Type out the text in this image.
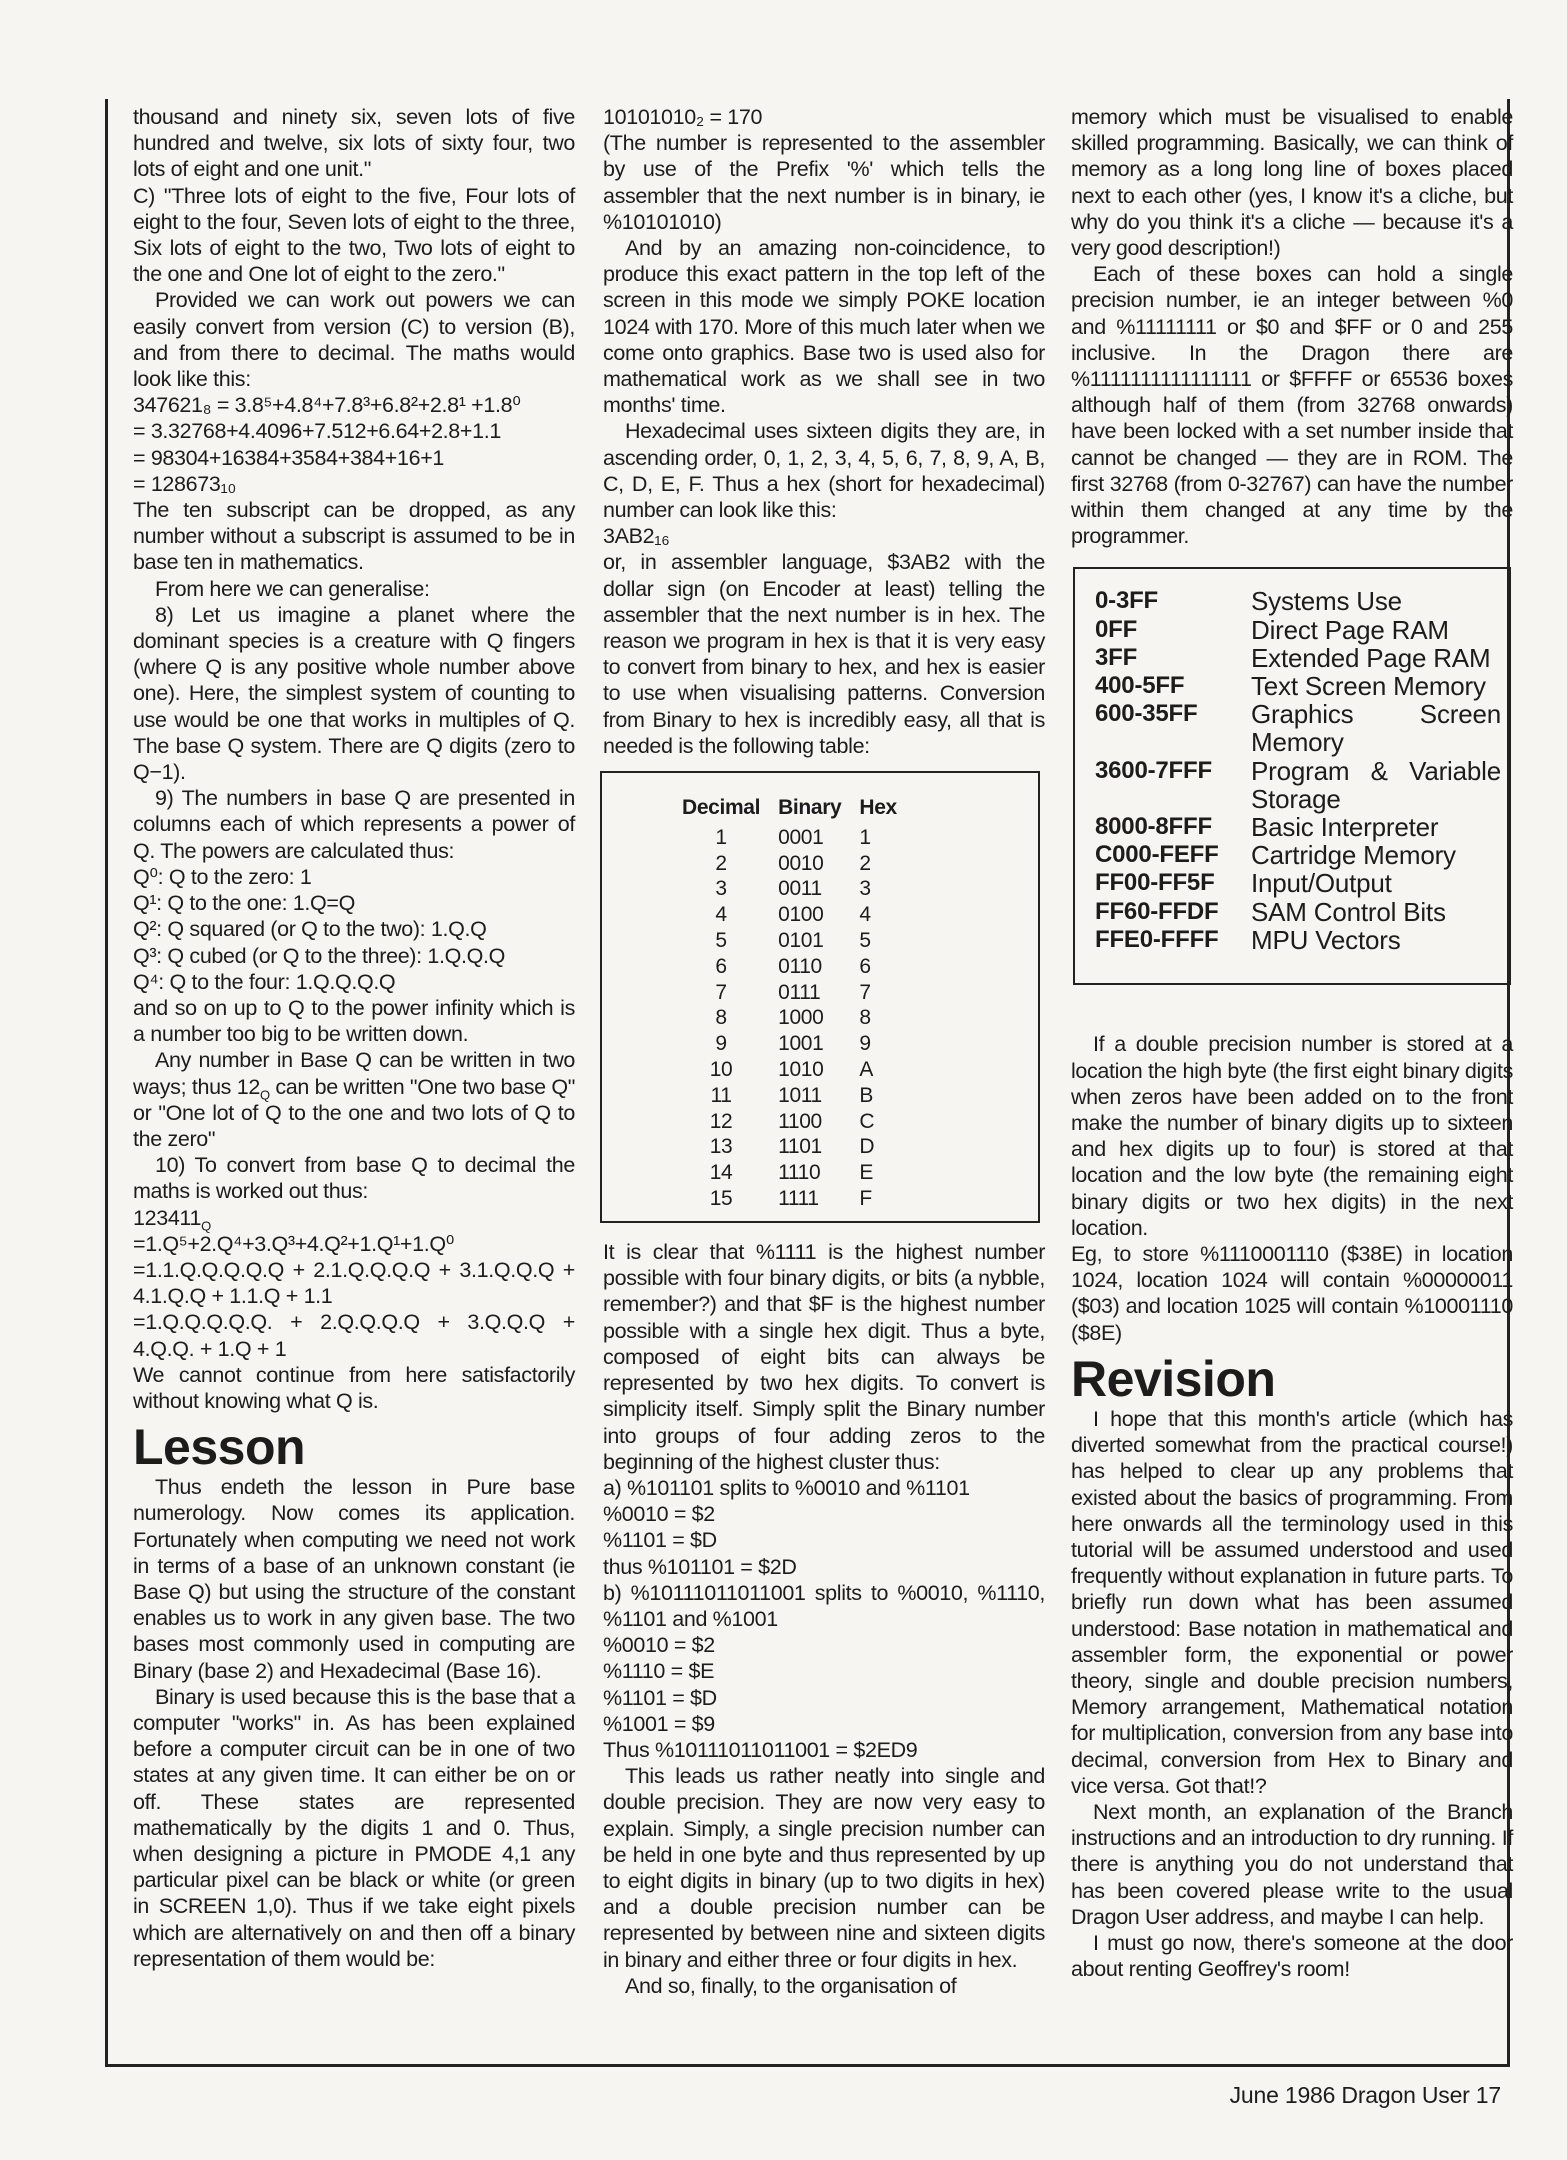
thousand and ninety six, seven lots of five hundred and twelve, six lots of sixty four, two lots of eight and one unit."

C) "Three lots of eight to the five, Four lots of eight to the four, Seven lots of eight to the three, Six lots of eight to the two, Two lots of eight to the one and One lot of eight to the zero."

Provided we can work out powers we can easily convert from version (C) to version (B), and from there to decimal. The maths would look like this:

347621₈ = 3.8⁵+4.8⁴+7.8³+6.8²+2.8¹ +1.8⁰

= 3.32768+4.4096+7.512+6.64+2.8+1.1

= 98304+16384+3584+384+16+1

= 128673₁₀

The ten subscript can be dropped, as any number without a subscript is assumed to be in base ten in mathematics.

From here we can generalise:

8) Let us imagine a planet where the dominant species is a creature with Q fingers (where Q is any positive whole number above one). Here, the simplest system of counting to use would be one that works in multiples of Q. The base Q system. There are Q digits (zero to Q−1).

9) The numbers in base Q are presented in columns each of which represents a power of Q. The powers are calculated thus:

Q⁰: Q to the zero: 1

Q¹: Q to the one: 1.Q=Q

Q²: Q squared (or Q to the two): 1.Q.Q

Q³: Q cubed (or Q to the three): 1.Q.Q.Q

Q⁴: Q to the four: 1.Q.Q.Q.Q

and so on up to Q to the power infinity which is a number too big to be written down.

Any number in Base Q can be written in two ways; thus $12_Q$ can be written "One two base Q" or "One lot of Q to the one and two lots of Q to the zero"

10) To convert from base Q to decimal the maths is worked out thus:

$123411_Q$

=1.Q⁵+2.Q⁴+3.Q³+4.Q²+1.Q¹+1.Q⁰

=1.1.Q.Q.Q.Q.Q + 2.1.Q.Q.Q.Q + 3.1.Q.Q.Q + 4.1.Q.Q + 1.1.Q + 1.1

=1.Q.Q.Q.Q.Q. + 2.Q.Q.Q.Q + 3.Q.Q.Q + 4.Q.Q. + 1.Q + 1

We cannot continue from here satisfactorily without knowing what Q is.

Lesson

Thus endeth the lesson in Pure base numerology. Now comes its application. Fortunately when computing we need not work in terms of a base of an unknown constant (ie Base Q) but using the structure of the constant enables us to work in any given base. The two bases most commonly used in computing are Binary (base 2) and Hexadecimal (Base 16).

Binary is used because this is the base that a computer "works" in. As has been explained before a computer circuit can be in one of two states at any given time. It can either be on or off. These states are represented mathematically by the digits 1 and 0. Thus, when designing a picture in PMODE 4,1 any particular pixel can be black or white (or green in SCREEN 1,0). Thus if we take eight pixels which are alternatively on and then off a binary representation of them would be:

10101010₂ = 170

(The number is represented to the assembler by use of the Prefix '%' which tells the assembler that the next number is in binary, ie %10101010)

And by an amazing non-coincidence, to produce this exact pattern in the top left of the screen in this mode we simply POKE location 1024 with 170. More of this much later when we come onto graphics. Base two is used also for mathematical work as we shall see in two months' time.

Hexadecimal uses sixteen digits they are, in ascending order, 0, 1, 2, 3, 4, 5, 6, 7, 8, 9, A, B, C, D, E, F. Thus a hex (short for hexadecimal) number can look like this:

3AB2₁₆

or, in assembler language, $3AB2 with the dollar sign (on Encoder at least) telling the assembler that the next number is in hex. The reason we program in hex is that it is very easy to convert from binary to hex, and hex is easier to use when visualising patterns. Conversion from Binary to hex is incredibly easy, all that is needed is the following table:

Decimal	Binary	Hex
1	0001	1
2	0010	2
3	0011	3
4	0100	4
5	0101	5
6	0110	6
7	0111	7
8	1000	8
9	1001	9
10	1010	A
11	1011	B
12	1100	C
13	1101	D
14	1110	E
15	1111	F

It is clear that %1111 is the highest number possible with four binary digits, or bits (a nybble, remember?) and that $F is the highest number possible with a single hex digit. Thus a byte, composed of eight bits can always be represented by two hex digits. To convert is simplicity itself. Simply split the Binary number into groups of four adding zeros to the beginning of the highest cluster thus:

a) %101101 splits to %0010 and %1101

%0010 = $2

%1101 = $D

thus %101101 = $2D

b) %10111011011001 splits to %0010, %1110, %1101 and %1001

%0010 = $2

%1110 = $E

%1101 = $D

%1001 = $9

Thus %10111011011001 = $2ED9

This leads us rather neatly into single and double precision. They are now very easy to explain. Simply, a single precision number can be held in one byte and thus represented by up to eight digits in binary (up to two digits in hex) and a double precision number can be represented by between nine and sixteen digits in binary and either three or four digits in hex.

And so, finally, to the organisation of

memory which must be visualised to enable skilled programming. Basically, we can think of memory as a long long line of boxes placed next to each other (yes, I know it's a cliche, but why do you think it's a cliche — because it's a very good description!)

Each of these boxes can hold a single precision number, ie an integer between %0 and %11111111 or $0 and $FF or 0 and 255 inclusive. In the Dragon there are %1111111111111111 or $FFFF or 65536 boxes although half of them (from 32768 onwards) have been locked with a set number inside that cannot be changed — they are in ROM. The first 32768 (from 0-32767) can have the number within them changed at any time by the programmer.

0-3FF	Systems Use
0FF	Direct Page RAM
3FF	Extended Page RAM
400-5FF	Text Screen Memory
600-35FF	Graphics Screen Memory
3600-7FFF	Program & Variable Storage
8000-8FFF	Basic Interpreter
C000-FEFF	Cartridge Memory
FF00-FF5F	Input/Output
FF60-FFDF	SAM Control Bits
FFE0-FFFF	MPU Vectors

If a double precision number is stored at a location the high byte (the first eight binary digits when zeros have been added on to the front make the number of binary digits up to sixteen and hex digits up to four) is stored at that location and the low byte (the remaining eight binary digits or two hex digits) in the next location.

Eg, to store %1110001110 ($38E) in location 1024, location 1024 will contain %00000011 ($03) and location 1025 will contain %10001110 ($8E)

Revision

I hope that this month's article (which has diverted somewhat from the practical course!) has helped to clear up any problems that existed about the basics of programming. From here onwards all the terminology used in this tutorial will be assumed understood and used frequently without explanation in future parts. To briefly run down what has been assumed understood: Base notation in mathematical and assembler form, the exponential or power theory, single and double precision numbers, Memory arrangement, Mathematical notation for multiplication, conversion from any base into decimal, conversion from Hex to Binary and vice versa. Got that!?

Next month, an explanation of the Branch instructions and an introduction to dry running. If there is anything you do not understand that has been covered please write to the usual Dragon User address, and maybe I can help.

I must go now, there's someone at the door about renting Geoffrey's room!

June 1986 Dragon User 17
